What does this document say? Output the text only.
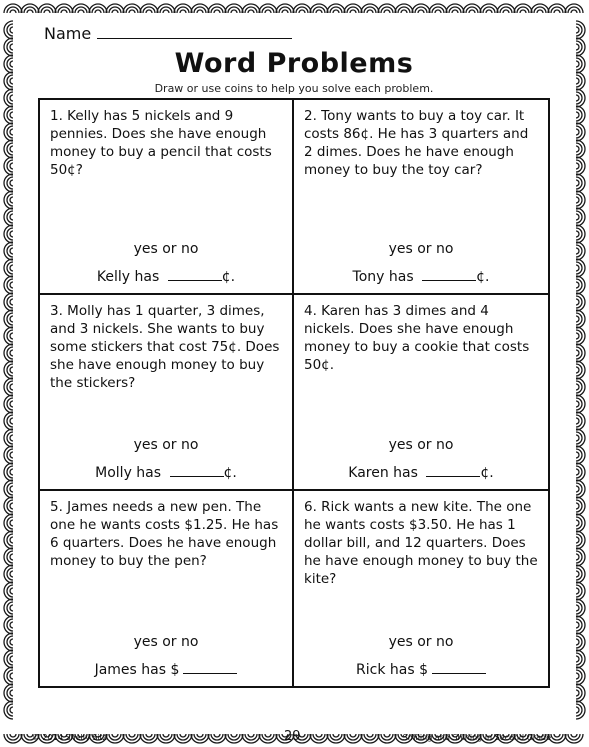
Name
Word Problems
Draw or use coins to help you solve each problem.

1. Kelly has 5 nickels and 9 pennies. Does she have enough money to buy a pencil that costs 50¢?

yes or no
Kelly has	¢.

2. Tony wants to buy a toy car. It costs 86¢. He has 3 quarters and 2 dimes. Does he have enough money to buy the toy car?

yes or no
Tony has	¢.

3. Molly has 1 quarter, 3 dimes, and 3 nickels. She wants to buy some stickers that cost 75¢. Does she have enough money to buy the stickers?

yes or no
Molly has	¢.

4. Karen has 3 dimes and 4 nickels. Does she have enough money to buy a cookie that costs 50¢.

yes or no
Karen has	¢.

5. James needs a new pen. The one he wants costs $1.25. He has 6 quarters. Does he have enough money to buy the pen?

yes or no
James has $

6. Rick wants a new kite. The one he wants costs $3.50. He has 1 dollar bill, and 12 quarters. Does he have enough money to buy the kite?

yes or no
Rick has $
© 2014 Shelly Sitz	29	Smiling and Shining in Second Grade
